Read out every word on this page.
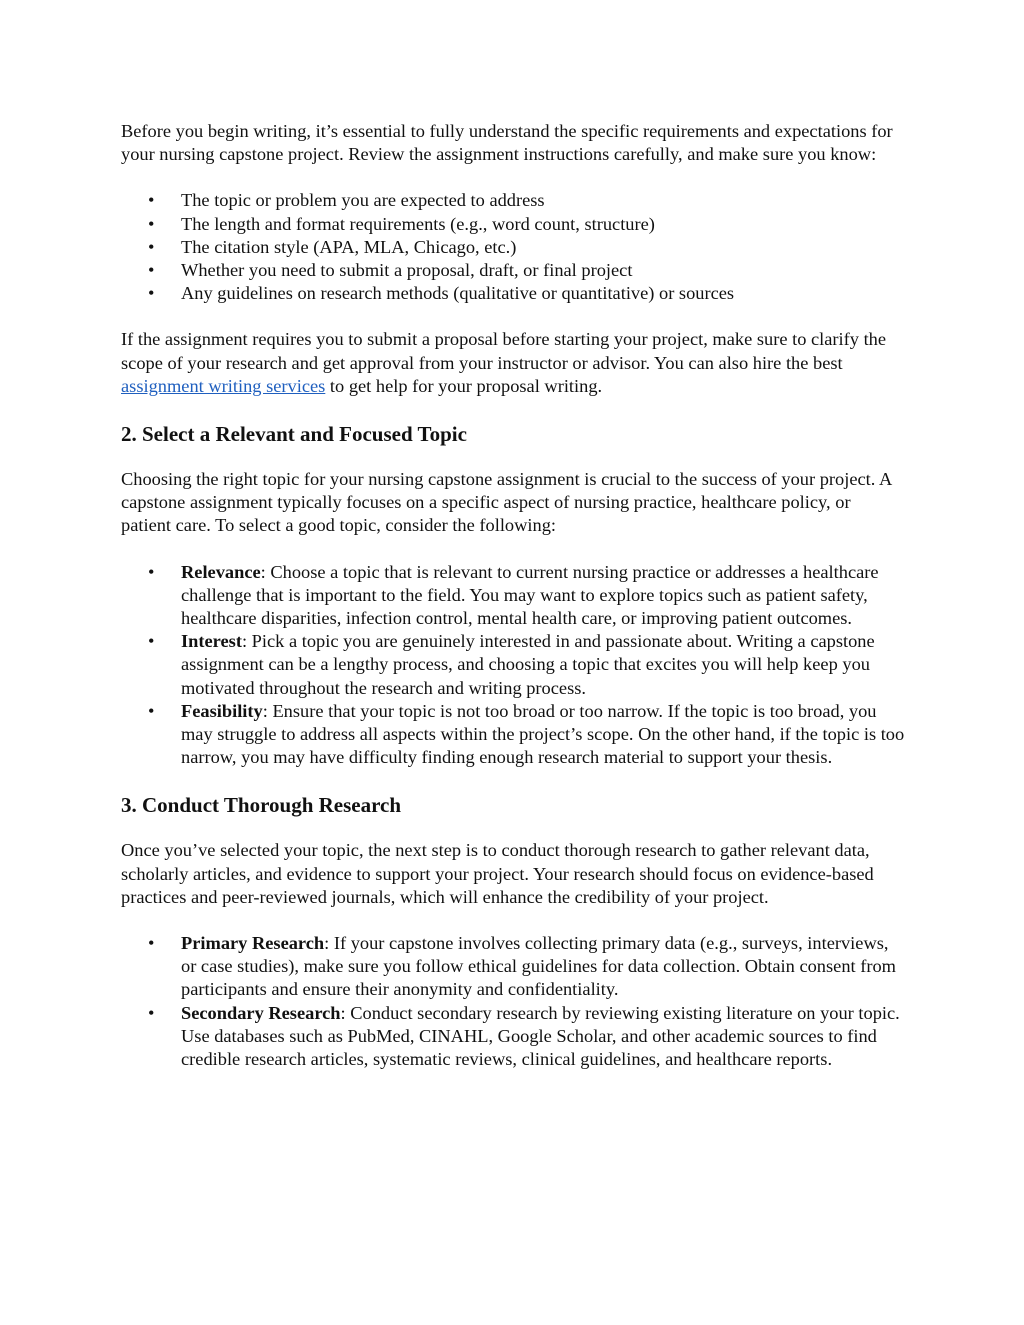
Before you begin writing, it’s essential to fully understand the specific requirements and expectations for your nursing capstone project. Review the assignment instructions carefully, and make sure you know:

• The topic or problem you are expected to address
• The length and format requirements (e.g., word count, structure)
• The citation style (APA, MLA, Chicago, etc.)
• Whether you need to submit a proposal, draft, or final project
• Any guidelines on research methods (qualitative or quantitative) or sources

If the assignment requires you to submit a proposal before starting your project, make sure to clarify the scope of your research and get approval from your instructor or advisor. You can also hire the best assignment writing services to get help for your proposal writing.

2. Select a Relevant and Focused Topic

Choosing the right topic for your nursing capstone assignment is crucial to the success of your project. A capstone assignment typically focuses on a specific aspect of nursing practice, healthcare policy, or patient care. To select a good topic, consider the following:

• Relevance: Choose a topic that is relevant to current nursing practice or addresses a healthcare challenge that is important to the field. You may want to explore topics such as patient safety, healthcare disparities, infection control, mental health care, or improving patient outcomes.
• Interest: Pick a topic you are genuinely interested in and passionate about. Writing a capstone assignment can be a lengthy process, and choosing a topic that excites you will help keep you motivated throughout the research and writing process.
• Feasibility: Ensure that your topic is not too broad or too narrow. If the topic is too broad, you may struggle to address all aspects within the project’s scope. On the other hand, if the topic is too narrow, you may have difficulty finding enough research material to support your thesis.
3. Conduct Thorough Research

Once you’ve selected your topic, the next step is to conduct thorough research to gather relevant data, scholarly articles, and evidence to support your project. Your research should focus on evidence-based practices and peer-reviewed journals, which will enhance the credibility of your project.

• Primary Research: If your capstone involves collecting primary data (e.g., surveys, interviews, or case studies), make sure you follow ethical guidelines for data collection. Obtain consent from participants and ensure their anonymity and confidentiality.
• Secondary Research: Conduct secondary research by reviewing existing literature on your topic. Use databases such as PubMed, CINAHL, Google Scholar, and other academic sources to find credible research articles, systematic reviews, clinical guidelines, and healthcare reports.
